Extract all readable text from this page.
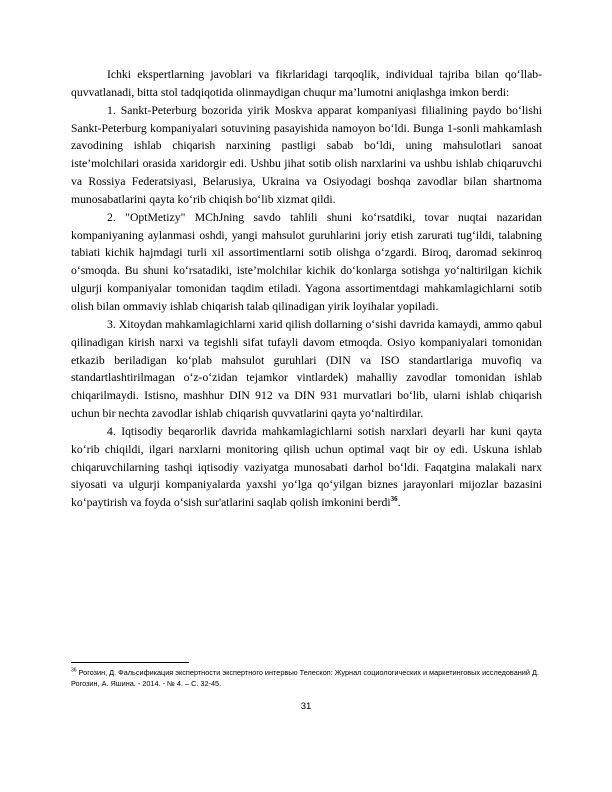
Ichki ekspertlarning javoblari va fikrlaridagi tarqoqlik, individual tajriba bilan qo‘llab-quvvatlanadi, bitta stol tadqiqotida olinmaydigan chuqur ma’lumotni aniqlashga imkon berdi:

1. Sankt-Peterburg bozorida yirik Moskva apparat kompaniyasi filialining paydo bo‘lishi Sankt-Peterburg kompaniyalari sotuvining pasayishida namoyon bo‘ldi. Bunga 1-sonli mahkamlash zavodining ishlab chiqarish narxining pastligi sabab bo‘ldi, uning mahsulotlari sanoat iste’molchilari orasida xaridorgir edi. Ushbu jihat sotib olish narxlarini va ushbu ishlab chiqaruvchi va Rossiya Federatsiyasi, Belarusiya, Ukraina va Osiyodagi boshqa zavodlar bilan shartnoma munosabatlarini qayta ko‘rib chiqish bo‘lib xizmat qildi.

2. "OptMetizy" MChJning savdo tahlili shuni ko‘rsatdiki, tovar nuqtai nazaridan kompaniyaning aylanmasi oshdi, yangi mahsulot guruhlarini joriy etish zarurati tug‘ildi, talabning tabiati kichik hajmdagi turli xil assortimentlarni sotib olishga o‘zgardi. Biroq, daromad sekinroq o‘smoqda. Bu shuni ko‘rsatadiki, iste’molchilar kichik do‘konlarga sotishga yo‘naltirilgan kichik ulgurji kompaniyalar tomonidan taqdim etiladi. Yagona assortimentdagi mahkamlagichlarni sotib olish bilan ommaviy ishlab chiqarish talab qilinadigan yirik loyihalar yopiladi.

3. Xitoydan mahkamlagichlarni xarid qilish dollarning o‘sishi davrida kamaydi, ammo qabul qilinadigan kirish narxi va tegishli sifat tufayli davom etmoqda. Osiyo kompaniyalari tomonidan etkazib beriladigan ko‘plab mahsulot guruhlari (DIN va ISO standartlariga muvofiq va standartlashtirilmagan o‘z-o‘zidan tejamkor vintlardek) mahalliy zavodlar tomonidan ishlab chiqarilmaydi. Istisno, mashhur DIN 912 va DIN 931 murvatlari bo‘lib, ularni ishlab chiqarish uchun bir nechta zavodlar ishlab chiqarish quvvatlarini qayta yo‘naltirdilar.

4. Iqtisodiy beqarorlik davrida mahkamlagichlarni sotish narxlari deyarli har kuni qayta ko‘rib chiqildi, ilgari narxlarni monitoring qilish uchun optimal vaqt bir oy edi. Uskuna ishlab chiqaruvchilarning tashqi iqtisodiy vaziyatga munosabati darhol bo‘ldi. Faqatgina malakali narx siyosati va ulgurji kompaniyalarda yaxshi yo‘lga qo‘yilgan biznes jarayonlari mijozlar bazasini ko‘paytirish va foyda o‘sish sur'atlarini saqlab qolish imkonini berdi$^{36}$.

$^{36}$ Рогозин, Д. Фальсификация экспертности экспертного интервью Телескоп: Журнал социологических и маркетинговых исследований Д. Рогозин, А. Яшина. - 2014. - № 4. – С. 32-45.
31
